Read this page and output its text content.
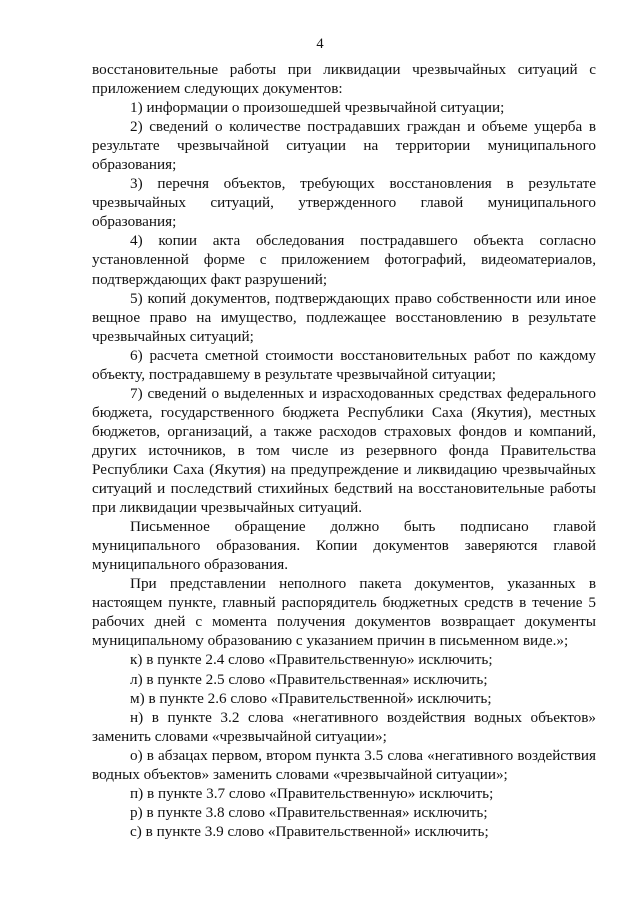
4

восстановительные работы при ликвидации чрезвычайных ситуаций с приложением следующих документов:

1) информации о произошедшей чрезвычайной ситуации;

2) сведений о количестве пострадавших граждан и объеме ущерба в результате чрезвычайной ситуации на территории муниципального образования;

3) перечня объектов, требующих восстановления в результате чрезвычайных ситуаций, утвержденного главой муниципального образования;

4) копии акта обследования пострадавшего объекта согласно установленной форме с приложением фотографий, видеоматериалов, подтверждающих факт разрушений;

5) копий документов, подтверждающих право собственности или иное вещное право на имущество, подлежащее восстановлению в результате чрезвычайных ситуаций;

6) расчета сметной стоимости восстановительных работ по каждому объекту, пострадавшему в результате чрезвычайной ситуации;

7) сведений о выделенных и израсходованных средствах федерального бюджета, государственного бюджета Республики Саха (Якутия), местных бюджетов, организаций, а также расходов страховых фондов и компаний, других источников, в том числе из резервного фонда Правительства Республики Саха (Якутия) на предупреждение и ликвидацию чрезвычайных ситуаций и последствий стихийных бедствий на восстановительные работы при ликвидации чрезвычайных ситуаций.

Письменное обращение должно быть подписано главой муниципального образования. Копии документов заверяются главой муниципального образования.

При представлении неполного пакета документов, указанных в настоящем пункте, главный распорядитель бюджетных средств в течение 5 рабочих дней с момента получения документов возвращает документы муниципальному образованию с указанием причин в письменном виде.»;

к) в пункте 2.4 слово «Правительственную» исключить;

л) в пункте 2.5 слово «Правительственная» исключить;

м) в пункте 2.6 слово «Правительственной» исключить;

н) в пункте 3.2 слова «негативного воздействия водных объектов» заменить словами «чрезвычайной ситуации»;

о) в абзацах первом, втором пункта 3.5 слова «негативного воздействия водных объектов» заменить словами «чрезвычайной ситуации»;

п) в пункте 3.7 слово «Правительственную» исключить;

р) в пункте 3.8 слово «Правительственная» исключить;

с) в пункте 3.9 слово «Правительственной» исключить;
